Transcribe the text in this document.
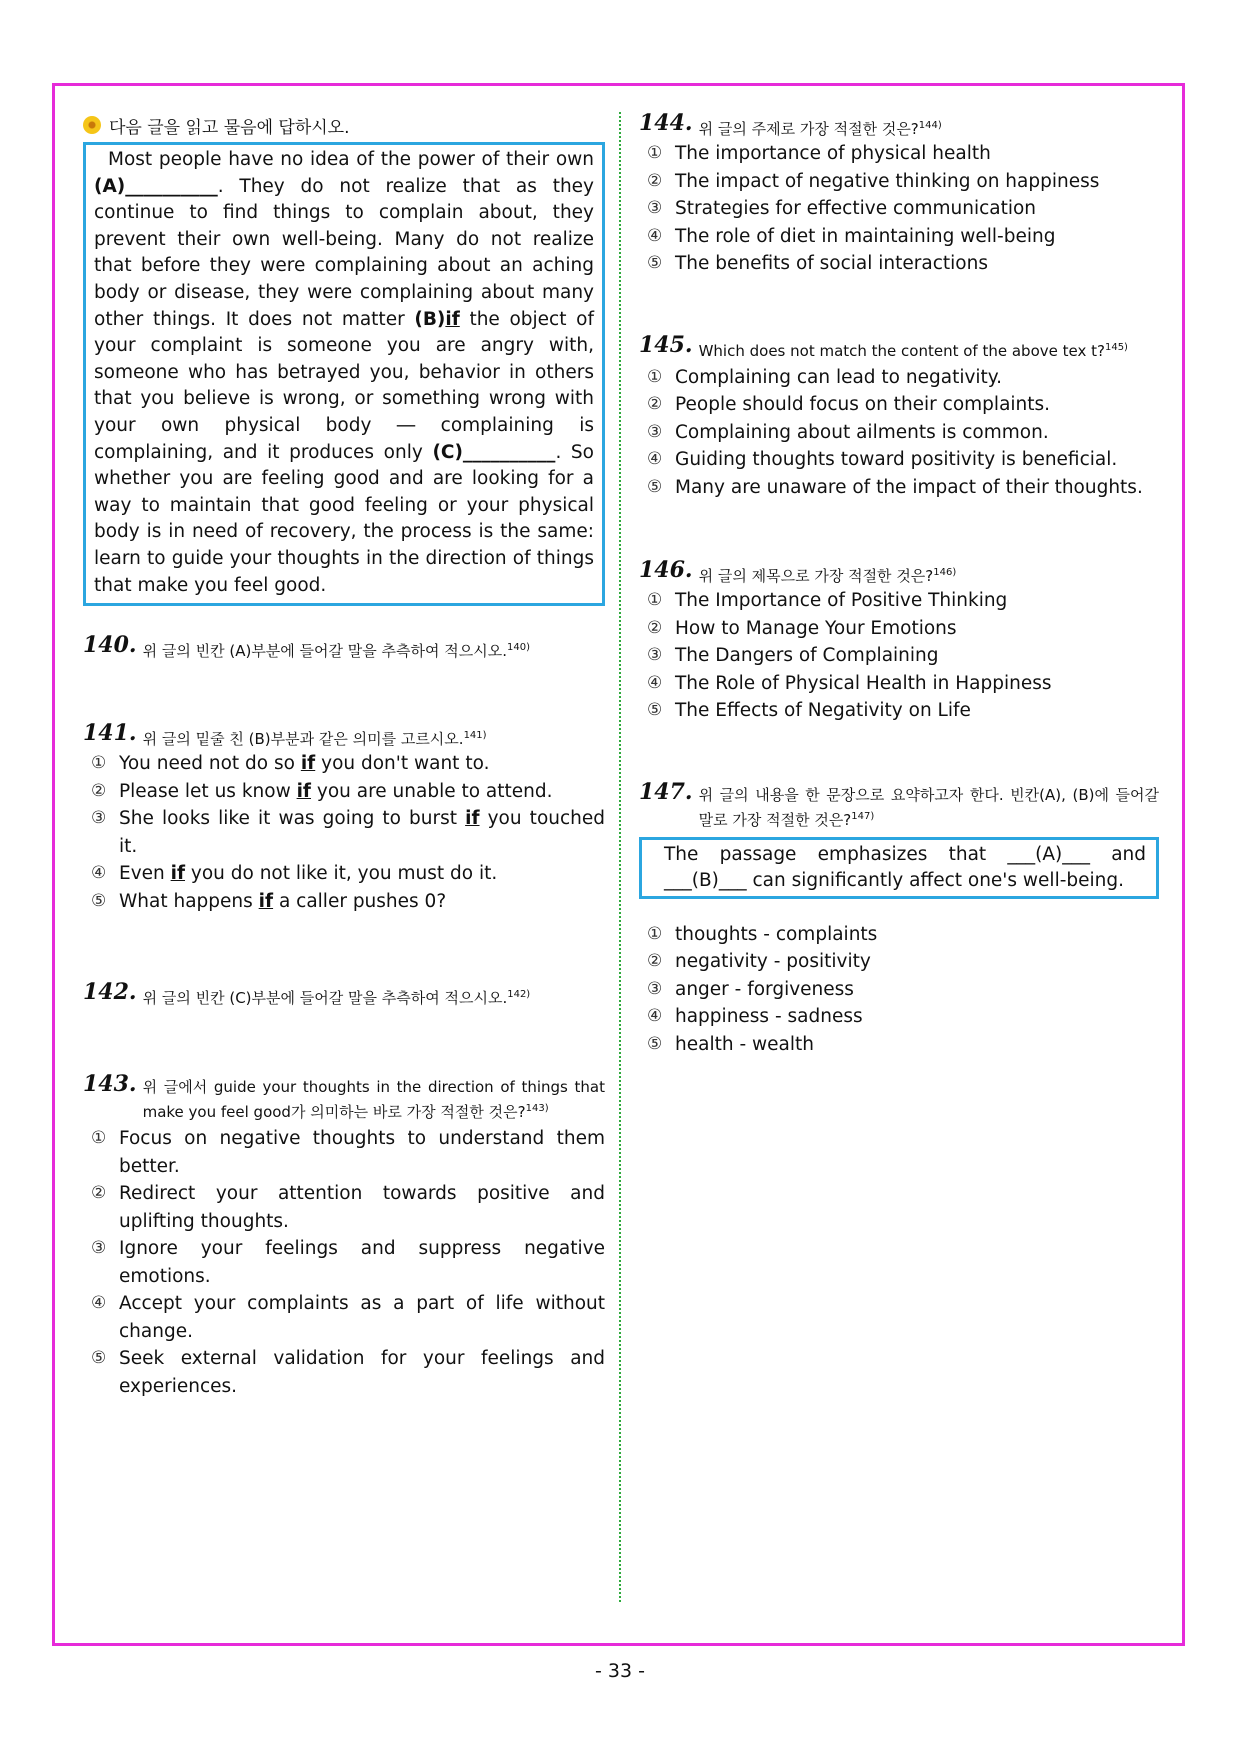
다음 글을 읽고 물음에 답하시오.
Most people have no idea of the power of their own (A)__________. They do not realize that as they continue to find things to complain about, they prevent their own well-being. Many do not realize that before they were complaining about an aching body or disease, they were complaining about many other things. It does not matter (B)if the object of your complaint is someone you are angry with, someone who has betrayed you, behavior in others that you believe is wrong, or something wrong with your own physical body ― complaining is complaining, and it produces only (C)__________. So whether you are feeling good and are looking for a way to maintain that good feeling or your physical body is in need of recovery, the process is the same: learn to guide your thoughts in the direction of things that make you feel good.
140. 위 글의 빈칸 (A)부분에 들어갈 말을 추측하여 적으시오.$^{140)}$
141. 위 글의 밑줄 친 (B)부분과 같은 의미를 고르시오.$^{141)}$
① You need not do so if you don't want to.
② Please let us know if you are unable to attend.
③ She looks like it was going to burst if you touched it.
④ Even if you do not like it, you must do it.
⑤ What happens if a caller pushes 0?
142. 위 글의 빈칸 (C)부분에 들어갈 말을 추측하여 적으시오.$^{142)}$
143. 위 글에서 guide your thoughts in the direction of things that make you feel good가 의미하는 바로 가장 적절한 것은?$^{143)}$
① Focus on negative thoughts to understand them better.
② Redirect your attention towards positive and uplifting thoughts.
③ Ignore your feelings and suppress negative emotions.
④ Accept your complaints as a part of life without change.
⑤ Seek external validation for your feelings and experiences.
144. 위 글의 주제로 가장 적절한 것은?$^{144)}$
① The importance of physical health
② The impact of negative thinking on happiness
③ Strategies for effective communication
④ The role of diet in maintaining well-being
⑤ The benefits of social interactions
145. Which does not match the content of the above tex t?$^{145)}$
① Complaining can lead to negativity.
② People should focus on their complaints.
③ Complaining about ailments is common.
④ Guiding thoughts toward positivity is beneficial.
⑤ Many are unaware of the impact of their thoughts.
146. 위 글의 제목으로 가장 적절한 것은?$^{146)}$
① The Importance of Positive Thinking
② How to Manage Your Emotions
③ The Dangers of Complaining
④ The Role of Physical Health in Happiness
⑤ The Effects of Negativity on Life
147. 위 글의 내용을 한 문장으로 요약하고자 한다. 빈칸(A), (B)에 들어갈 말로 가장 적절한 것은?$^{147)}$
The passage emphasizes that ___(A)___ and ___(B)___ can significantly affect one's well-being.
① thoughts - complaints
② negativity - positivity
③ anger - forgiveness
④ happiness - sadness
⑤ health - wealth
- 33 -
